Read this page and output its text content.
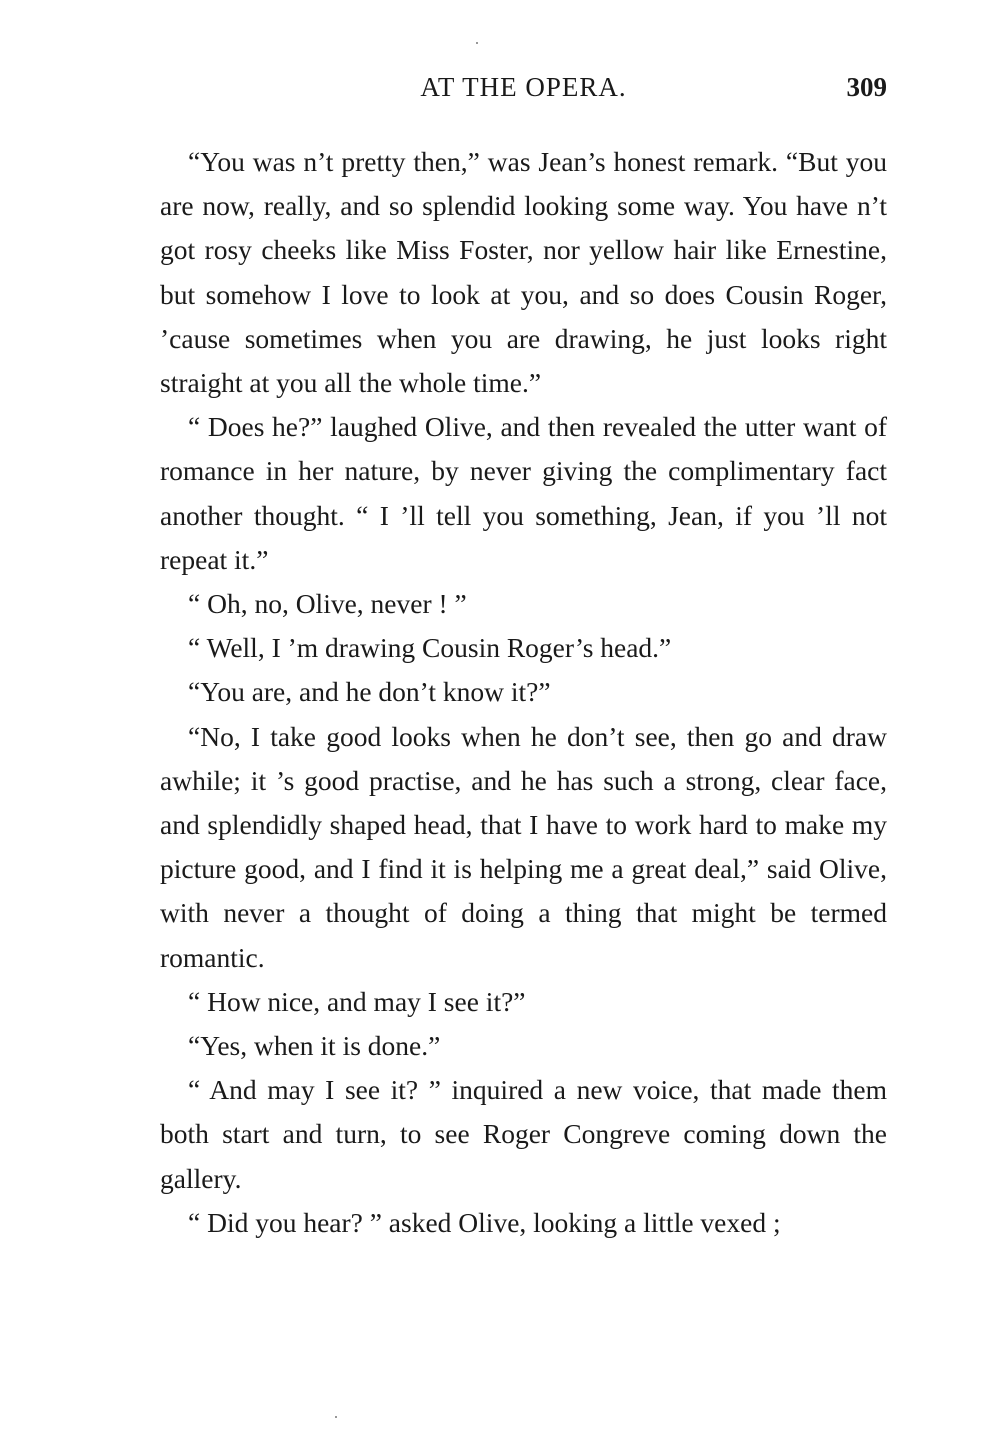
AT THE OPERA.	309

“You was n’t pretty then,” was Jean’s honest remark. “But you are now, really, and so splendid looking some way. You have n’t got rosy cheeks like Miss Foster, nor yellow hair like Ernestine, but somehow I love to look at you, and so does Cousin Roger, ’cause sometimes when you are drawing, he just looks right straight at you all the whole time.”

“ Does he?” laughed Olive, and then revealed the utter want of romance in her nature, by never giving the complimentary fact another thought. “ I ’ll tell you something, Jean, if you ’ll not repeat it.”

“ Oh, no, Olive, never ! ”

“ Well, I ’m drawing Cousin Roger’s head.”

“You are, and he don’t know it?”

“No, I take good looks when he don’t see, then go and draw awhile; it ’s good practise, and he has such a strong, clear face, and splendidly shaped head, that I have to work hard to make my picture good, and I find it is helping me a great deal,” said Olive, with never a thought of doing a thing that might be termed romantic.

“ How nice, and may I see it?”

“Yes, when it is done.”

“ And may I see it? ” inquired a new voice, that made them both start and turn, to see Roger Congreve coming down the gallery.

“ Did you hear? ” asked Olive, looking a little vexed ;
